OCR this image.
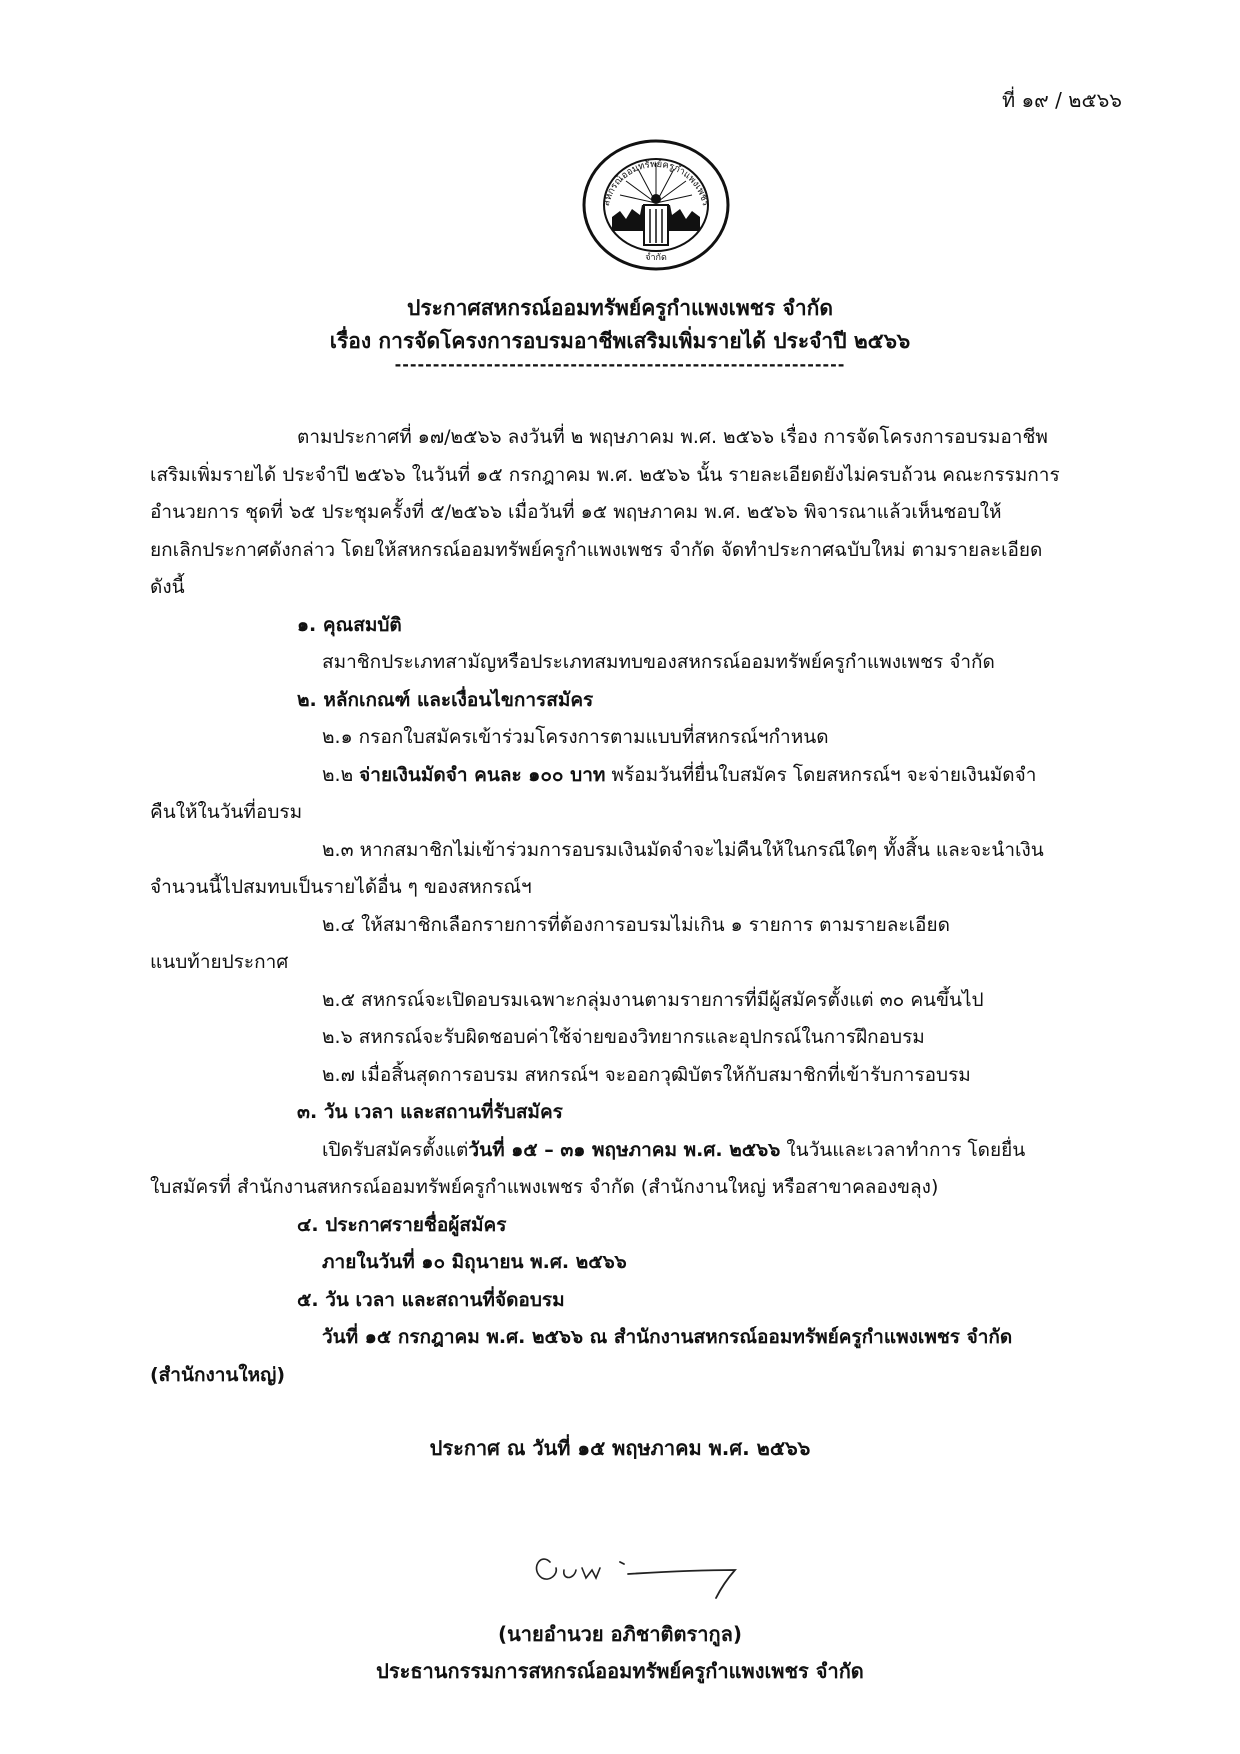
ที่ ๑๙ / ๒๕๖๖
สหกรณ์ออมทรัพย์ครูกำแพงเพชร
จำกัด
ประกาศสหกรณ์ออมทรัพย์ครูกำแพงเพชร จำกัด
เรื่อง การจัดโครงการอบรมอาชีพเสริมเพิ่มรายได้ ประจำปี ๒๕๖๖
-----------------------------------------------------------
ตามประกาศที่ ๑๗/๒๕๖๖ ลงวันที่ ๒ พฤษภาคม พ.ศ. ๒๕๖๖ เรื่อง การจัดโครงการอบรมอาชีพ
เสริมเพิ่มรายได้ ประจำปี ๒๕๖๖ ในวันที่ ๑๕ กรกฎาคม พ.ศ. ๒๕๖๖ นั้น รายละเอียดยังไม่ครบถ้วน คณะกรรมการ
อำนวยการ ชุดที่ ๖๕ ประชุมครั้งที่ ๕/๒๕๖๖ เมื่อวันที่ ๑๕ พฤษภาคม พ.ศ. ๒๕๖๖ พิจารณาแล้วเห็นชอบให้
ยกเลิกประกาศดังกล่าว โดยให้สหกรณ์ออมทรัพย์ครูกำแพงเพชร จำกัด จัดทำประกาศฉบับใหม่ ตามรายละเอียด
ดังนี้
๑. คุณสมบัติ
สมาชิกประเภทสามัญหรือประเภทสมทบของสหกรณ์ออมทรัพย์ครูกำแพงเพชร จำกัด
๒. หลักเกณฑ์ และเงื่อนไขการสมัคร
๒.๑ กรอกใบสมัครเข้าร่วมโครงการตามแบบที่สหกรณ์ฯกำหนด
๒.๒ จ่ายเงินมัดจำ คนละ ๑๐๐ บาท พร้อมวันที่ยื่นใบสมัคร โดยสหกรณ์ฯ จะจ่ายเงินมัดจำ
คืนให้ในวันที่อบรม
๒.๓ หากสมาชิกไม่เข้าร่วมการอบรมเงินมัดจำจะไม่คืนให้ในกรณีใดๆ ทั้งสิ้น และจะนำเงิน
จำนวนนี้ไปสมทบเป็นรายได้อื่น ๆ ของสหกรณ์ฯ
๒.๔ ให้สมาชิกเลือกรายการที่ต้องการอบรมไม่เกิน ๑ รายการ ตามรายละเอียด
แนบท้ายประกาศ
๒.๕ สหกรณ์จะเปิดอบรมเฉพาะกลุ่มงานตามรายการที่มีผู้สมัครตั้งแต่ ๓๐ คนขึ้นไป
๒.๖ สหกรณ์จะรับผิดชอบค่าใช้จ่ายของวิทยากรและอุปกรณ์ในการฝึกอบรม
๒.๗ เมื่อสิ้นสุดการอบรม สหกรณ์ฯ จะออกวุฒิบัตรให้กับสมาชิกที่เข้ารับการอบรม
๓. วัน เวลา และสถานที่รับสมัคร
เปิดรับสมัครตั้งแต่วันที่ ๑๕ – ๓๑ พฤษภาคม พ.ศ. ๒๕๖๖ ในวันและเวลาทำการ โดยยื่น
ใบสมัครที่ สำนักงานสหกรณ์ออมทรัพย์ครูกำแพงเพชร จำกัด (สำนักงานใหญ่ หรือสาขาคลองขลุง)
๔. ประกาศรายชื่อผู้สมัคร
ภายในวันที่ ๑๐ มิถุนายน พ.ศ. ๒๕๖๖
๕. วัน เวลา และสถานที่จัดอบรม
วันที่ ๑๕ กรกฎาคม พ.ศ. ๒๕๖๖ ณ สำนักงานสหกรณ์ออมทรัพย์ครูกำแพงเพชร จำกัด
(สำนักงานใหญ่)
ประกาศ ณ วันที่ ๑๕ พฤษภาคม พ.ศ. ๒๕๖๖
(นายอำนวย อภิชาติตรากูล)
ประธานกรรมการสหกรณ์ออมทรัพย์ครูกำแพงเพชร จำกัด
